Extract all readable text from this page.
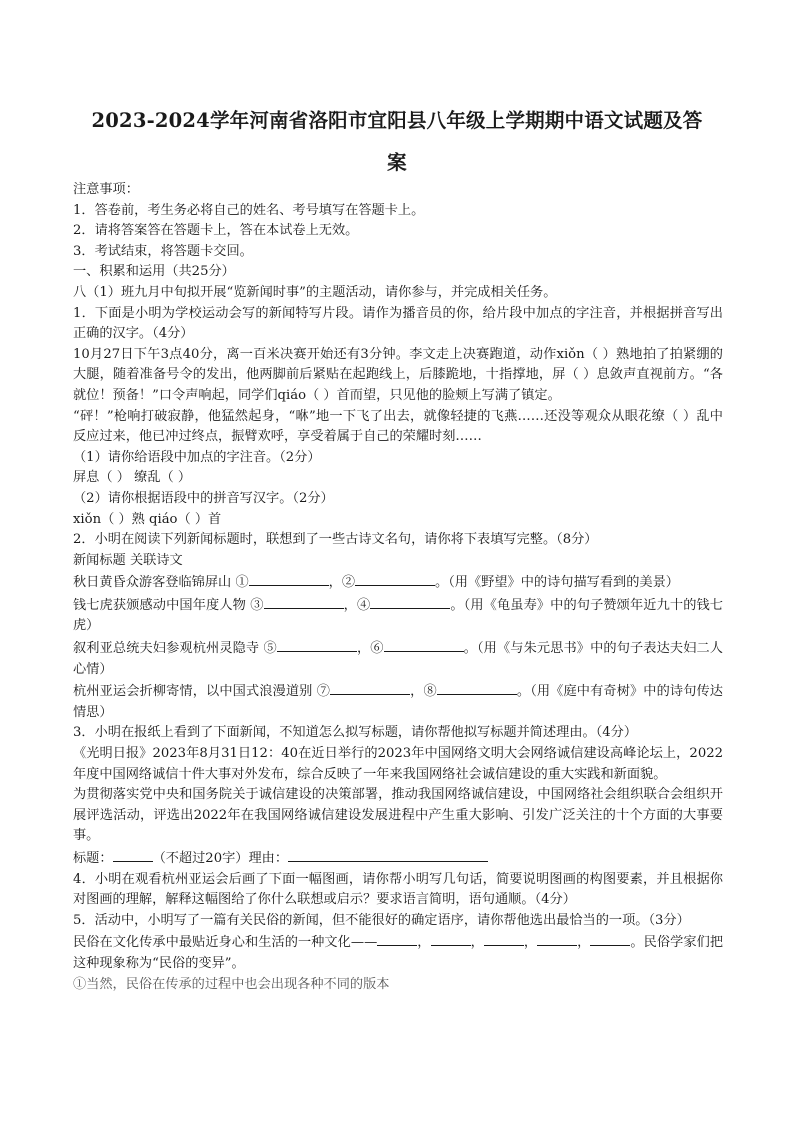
2023-2024学年河南省洛阳市宜阳县八年级上学期期中语文试题及答
案
注意事项：
1．答卷前，考生务必将自己的姓名、考号填写在答题卡上。
2．请将答案答在答题卡上，答在本试卷上无效。
3．考试结束，将答题卡交回。
一、积累和运用（共25分）
八（1）班九月中旬拟开展“览新闻时事”的主题活动，请你参与，并完成相关任务。
1．下面是小明为学校运动会写的新闻特写片段。请作为播音员的你，给片段中加点的字注音，并根据拼音写出正确的汉字。（4分）
10月27日下午3点40分，离一百米决赛开始还有3分钟。李文走上决赛跑道，动作xiǒn（ ）熟地拍了拍紧绷的大腿，随着准备号令的发出，他两脚前后紧贴在起跑线上，后膝跪地，十指撑地，屏（ ）息敛声直视前方。“各就位！预备！”口令声响起，同学们qiáo（ ）首而望，只见他的脸颊上写满了镇定。
“砰！”枪响打破寂静，他猛然起身，“咻”地一下飞了出去，就像轻捷的飞燕……还没等观众从眼花缭（ ）乱中反应过来，他已冲过终点，振臂欢呼，享受着属于自己的荣耀时刻……
（1）请你给语段中加点的字注音。（2分）
屏息（ ） 缭乱（ ）
（2）请你根据语段中的拼音写汉字。（2分）
xiǒn（ ）熟 qiáo（ ）首
2．小明在阅读下列新闻标题时，联想到了一些古诗文名句，请你将下表填写完整。（8分）
新闻标题 关联诗文
秋日黄昏众游客登临锦屏山 ①	，②	。（用《野望》中的诗句描写看到的美景）
钱七虎获颁感动中国年度人物 ③	，④	。（用《龟虽寿》中的句子赞颂年近九十的钱七虎）
叙利亚总统夫妇参观杭州灵隐寺 ⑤	，⑥	。（用《与朱元思书》中的句子表达夫妇二人心情）
杭州亚运会折柳寄情，以中国式浪漫道别 ⑦	，⑧	。（用《庭中有奇树》中的诗句传达情思）
3．小明在报纸上看到了下面新闻，不知道怎么拟写标题，请你帮他拟写标题并简述理由。（4分）
《光明日报》2023年8月31日12：40在近日举行的2023年中国网络文明大会网络诚信建设高峰论坛上，2022年度中国网络诚信十件大事对外发布，综合反映了一年来我国网络社会诚信建设的重大实践和新面貌。
为贯彻落实党中央和国务院关于诚信建设的决策部署，推动我国网络诚信建设，中国网络社会组织联合会组织开展评选活动，评选出2022年在我国网络诚信建设发展进程中产生重大影响、引发广泛关注的十个方面的大事要事。
标题：	（不超过20字）理由：
4．小明在观看杭州亚运会后画了下面一幅图画，请你帮小明写几句话，简要说明图画的构图要素，并且根据你对图画的理解，解释这幅图给了你什么联想或启示？要求语言简明，语句通顺。（4分）
5．活动中，小明写了一篇有关民俗的新闻，但不能很好的确定语序，请你帮他选出最恰当的一项。（3分）
民俗在文化传承中最贴近身心和生活的一种文化——	，	，	，	，	。民俗学家们把这种现象称为“民俗的变异”。
①当然，民俗在传承的过程中也会出现各种不同的版本
